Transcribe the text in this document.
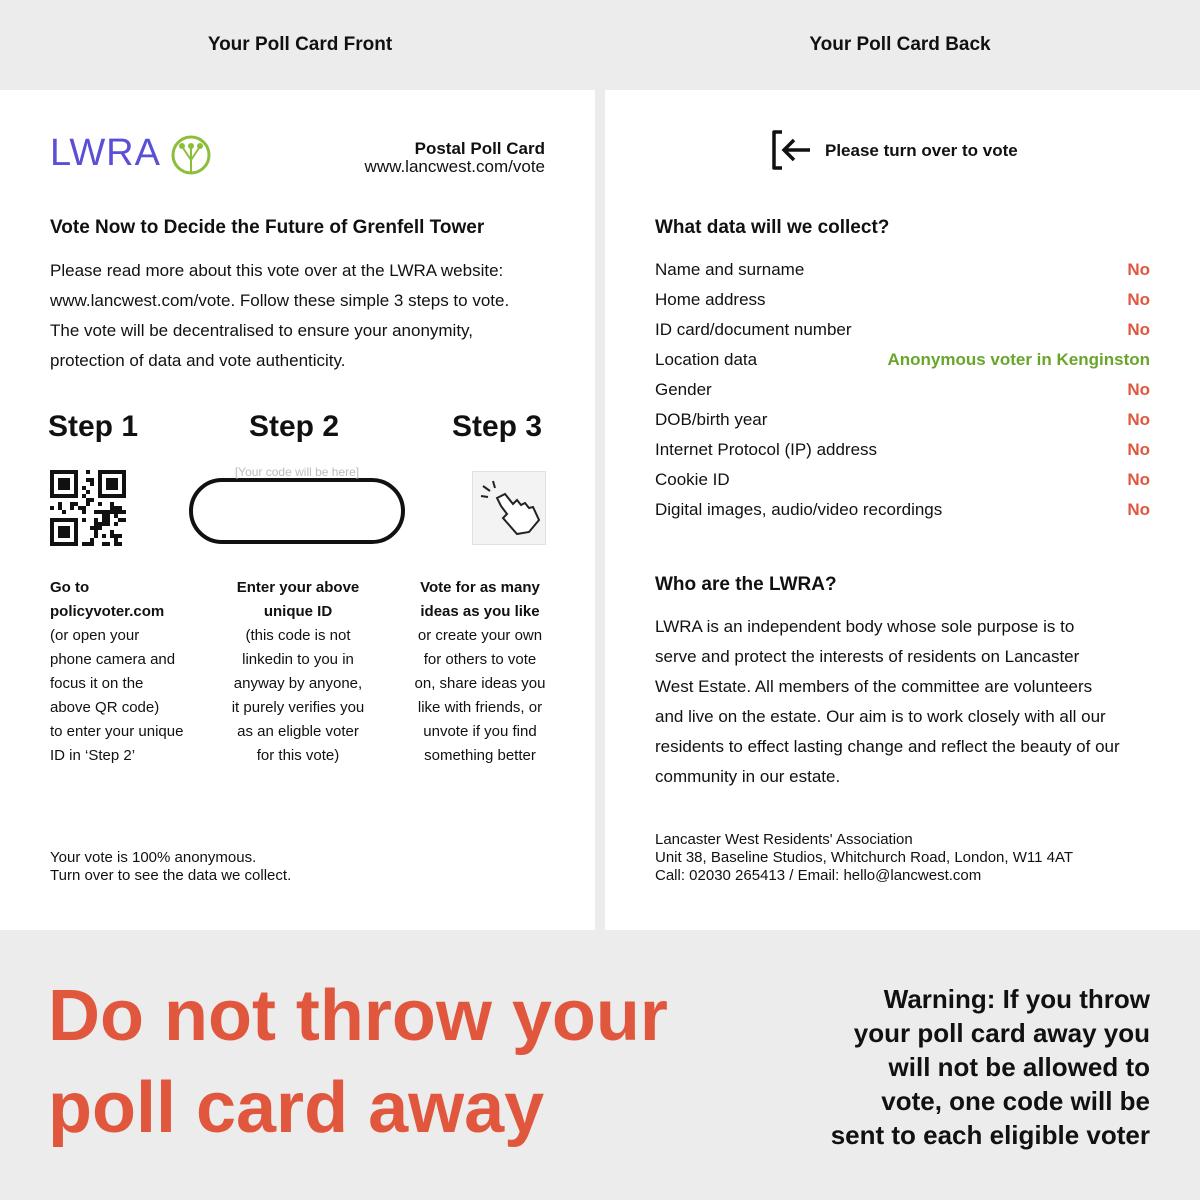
Your Poll Card Front	Your Poll Card Back
LWRA	Postal Poll Card
www.lancwest.com/vote
Vote Now to Decide the Future of Grenfell Tower
Please read more about this vote over at the LWRA website:
www.lancwest.com/vote. Follow these simple 3 steps to vote.
The vote will be decentralised to ensure your anonymity,
protection of data and vote authenticity.
Step 1	Step 2	Step 3
[Your code will be here]
Go to
policyvoter.com
(or open your
phone camera and
focus it on the
above QR code)
to enter your unique
ID in ‘Step 2’
Enter your above
unique ID
(this code is not
linkedin to you in
anyway by anyone,
it purely verifies you
as an eligble voter
for this vote)
Vote for as many
ideas as you like
or create your own
for others to vote
on, share ideas you
like with friends, or
unvote if you find
something better
Your vote is 100% anonymous.
Turn over to see the data we collect.
Please turn over to vote
What data will we collect?
Name and surname	No
Home address	No
ID card/document number	No
Location data	Anonymous voter in Kenginston
Gender	No
DOB/birth year	No
Internet Protocol (IP) address	No
Cookie ID	No
Digital images, audio/video recordings	No
Who are the LWRA?
LWRA is an independent body whose sole purpose is to
serve and protect the interests of residents on Lancaster
West Estate. All members of the committee are volunteers
and live on the estate. Our aim is to work closely with all our
residents to effect lasting change and reflect the beauty of our
community in our estate.
Lancaster West Residents' Association
Unit 38, Baseline Studios, Whitchurch Road, London, W11 4AT
Call: 02030 265413 / Email: hello@lancwest.com
Do not throw your
poll card away
Warning: If you throw
your poll card away you
will not be allowed to
vote, one code will be
sent to each eligible voter
